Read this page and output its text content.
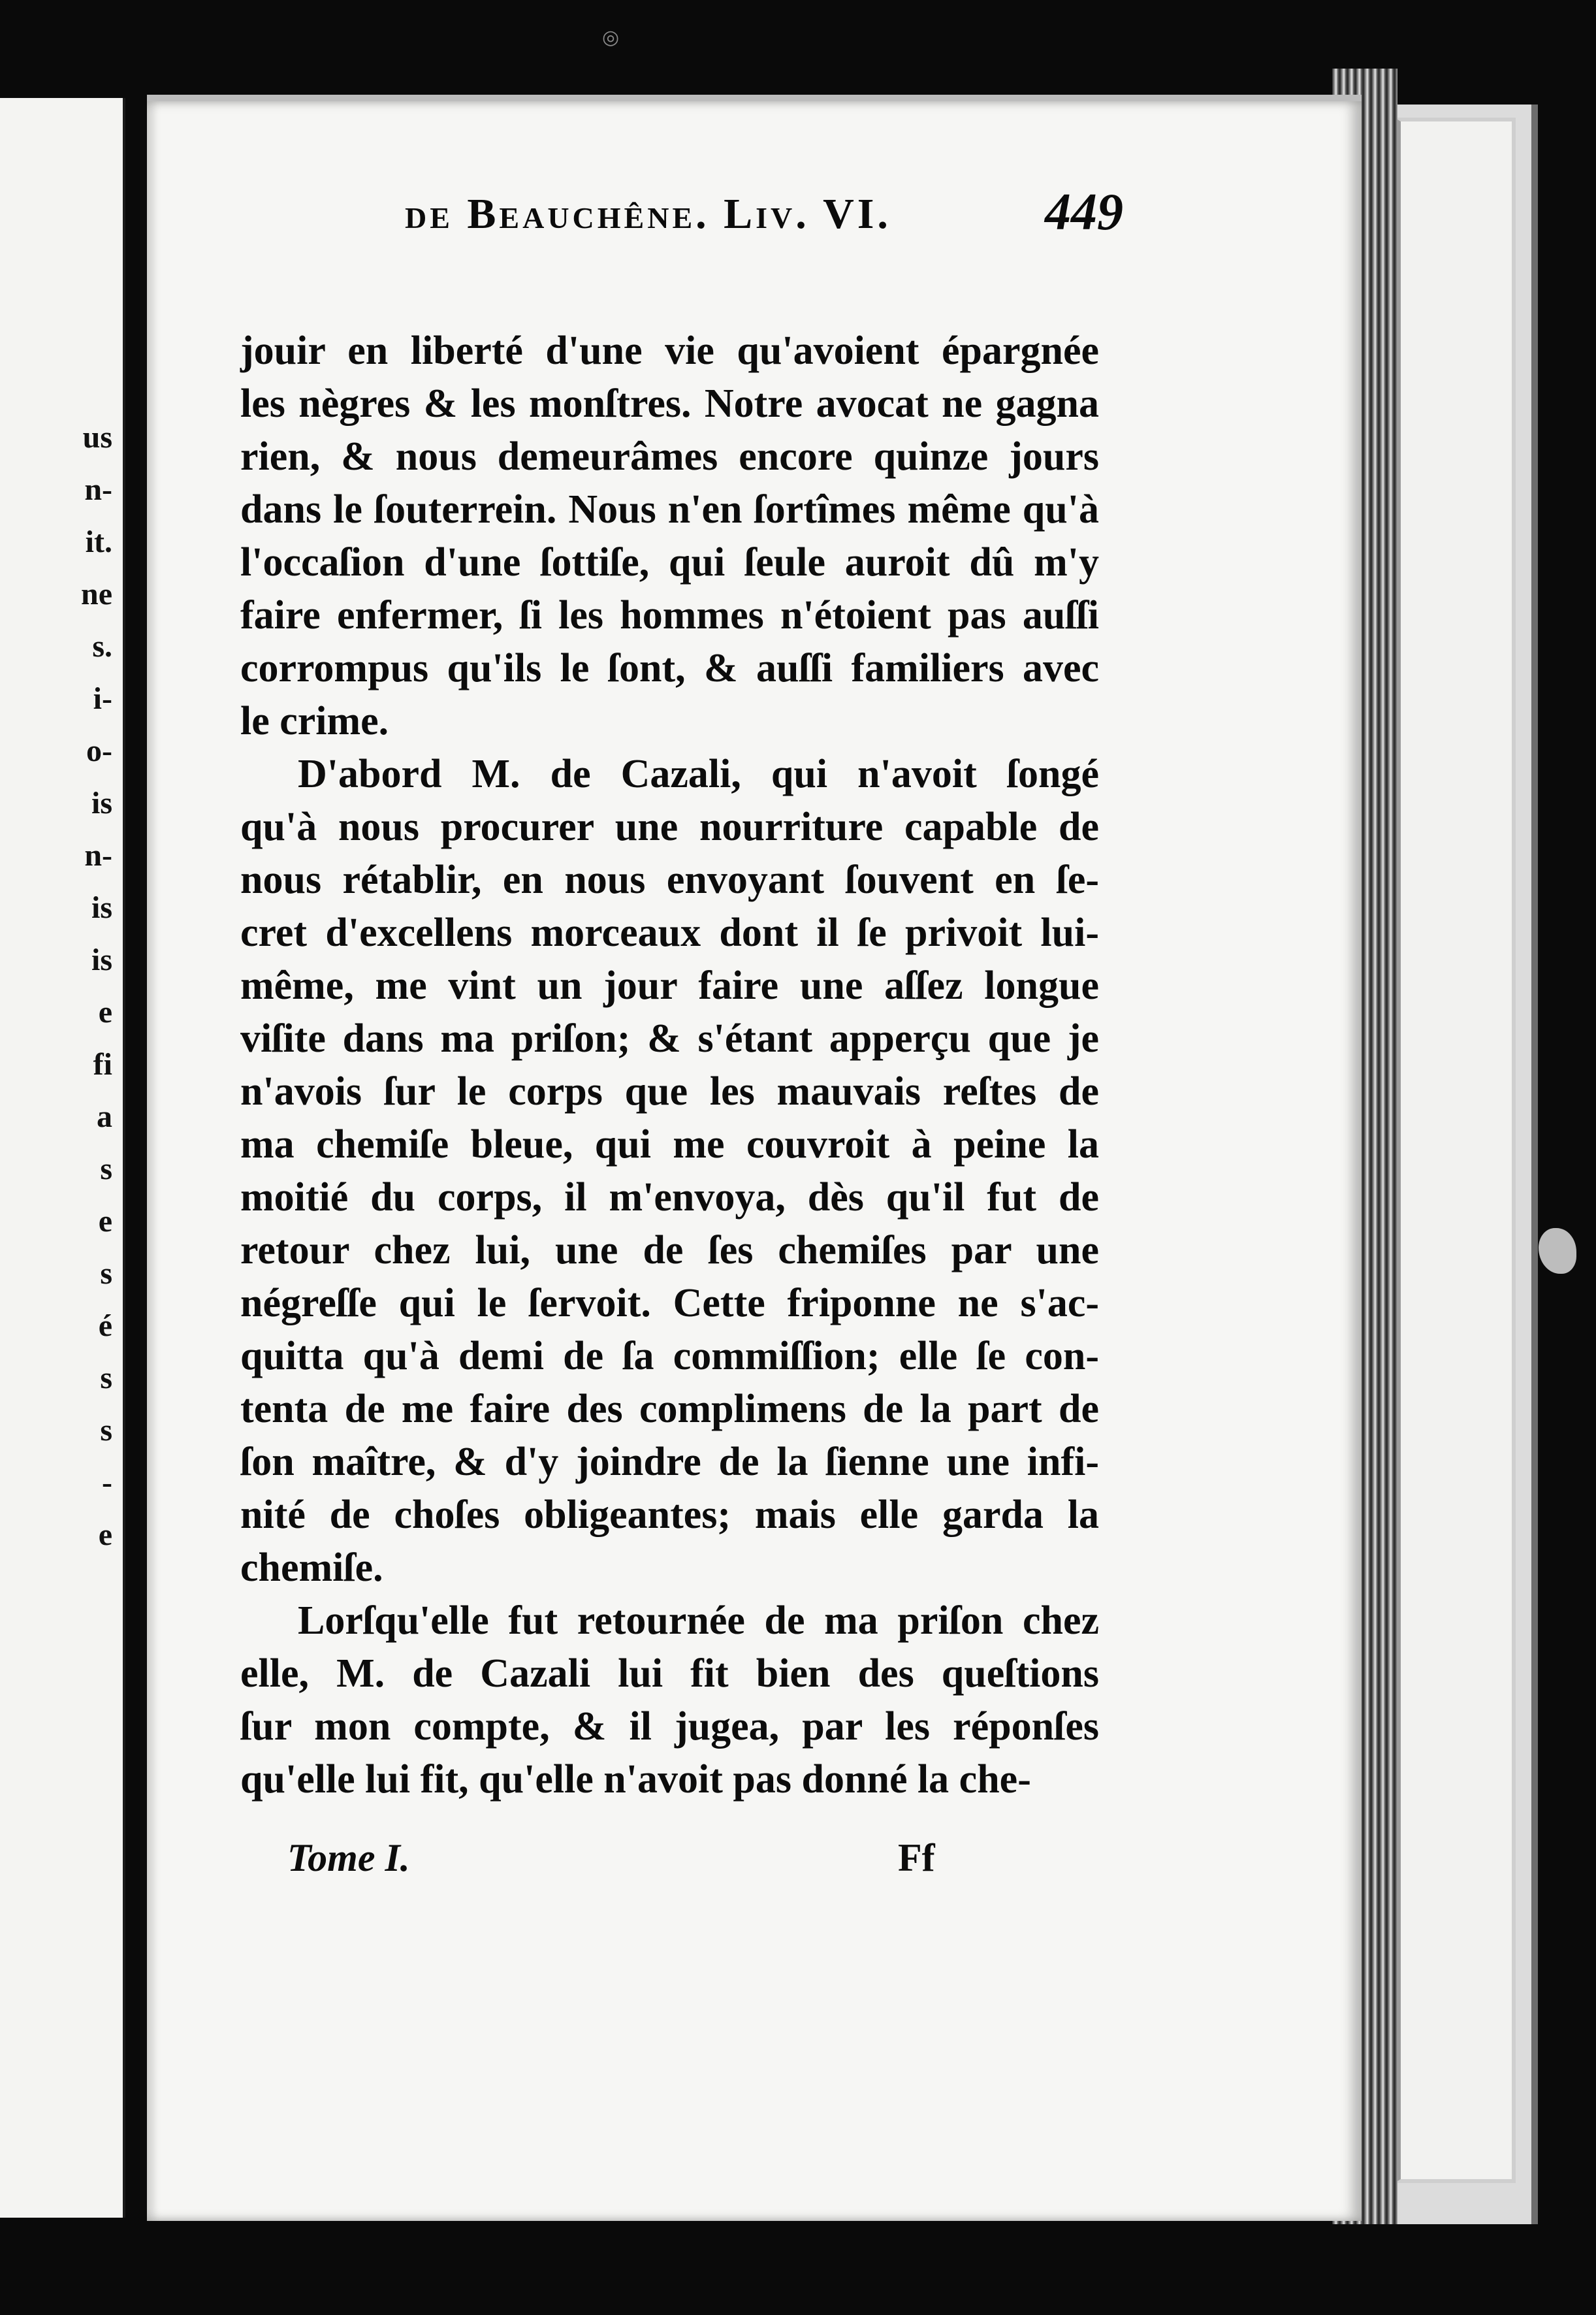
us
n-
it.
ne
s.
i-
o-
is
n-
is
is
e
fi
a
s
e
s
é
s
s
-
e
◎
de Beauchêne. Liv. VI.	449
jouir en liberté d'une vie qu'avoient épargnée
les nègres & les monſtres. Notre avocat ne gagna
rien, & nous demeurâmes encore quinze jours
dans le ſouterrein. Nous n'en ſortîmes même qu'à
l'occaſion d'une ſottiſe, qui ſeule auroit dû m'y
faire enfermer, ſi les hommes n'étoient pas auſſi
corrompus qu'ils le ſont, & auſſi familiers avec
le crime.
D'abord M. de Cazali, qui n'avoit ſongé
qu'à nous procurer une nourriture capable de
nous rétablir, en nous envoyant ſouvent en ſe-
cret d'excellens morceaux dont il ſe privoit lui-
même, me vint un jour faire une aſſez longue
viſite dans ma priſon; & s'étant apperçu que je
n'avois ſur le corps que les mauvais reſtes de
ma chemiſe bleue, qui me couvroit à peine la
moitié du corps, il m'envoya, dès qu'il fut de
retour chez lui, une de ſes chemiſes par une
négreſſe qui le ſervoit. Cette friponne ne s'ac-
quitta qu'à demi de ſa commiſſion; elle ſe con-
tenta de me faire des complimens de la part de
ſon maître, & d'y joindre de la ſienne une infi-
nité de choſes obligeantes; mais elle garda la
chemiſe.
Lorſqu'elle fut retournée de ma priſon chez
elle, M. de Cazali lui fit bien des queſtions
ſur mon compte, & il jugea, par les réponſes
qu'elle lui fit, qu'elle n'avoit pas donné la che-
Tome I.	Ff
